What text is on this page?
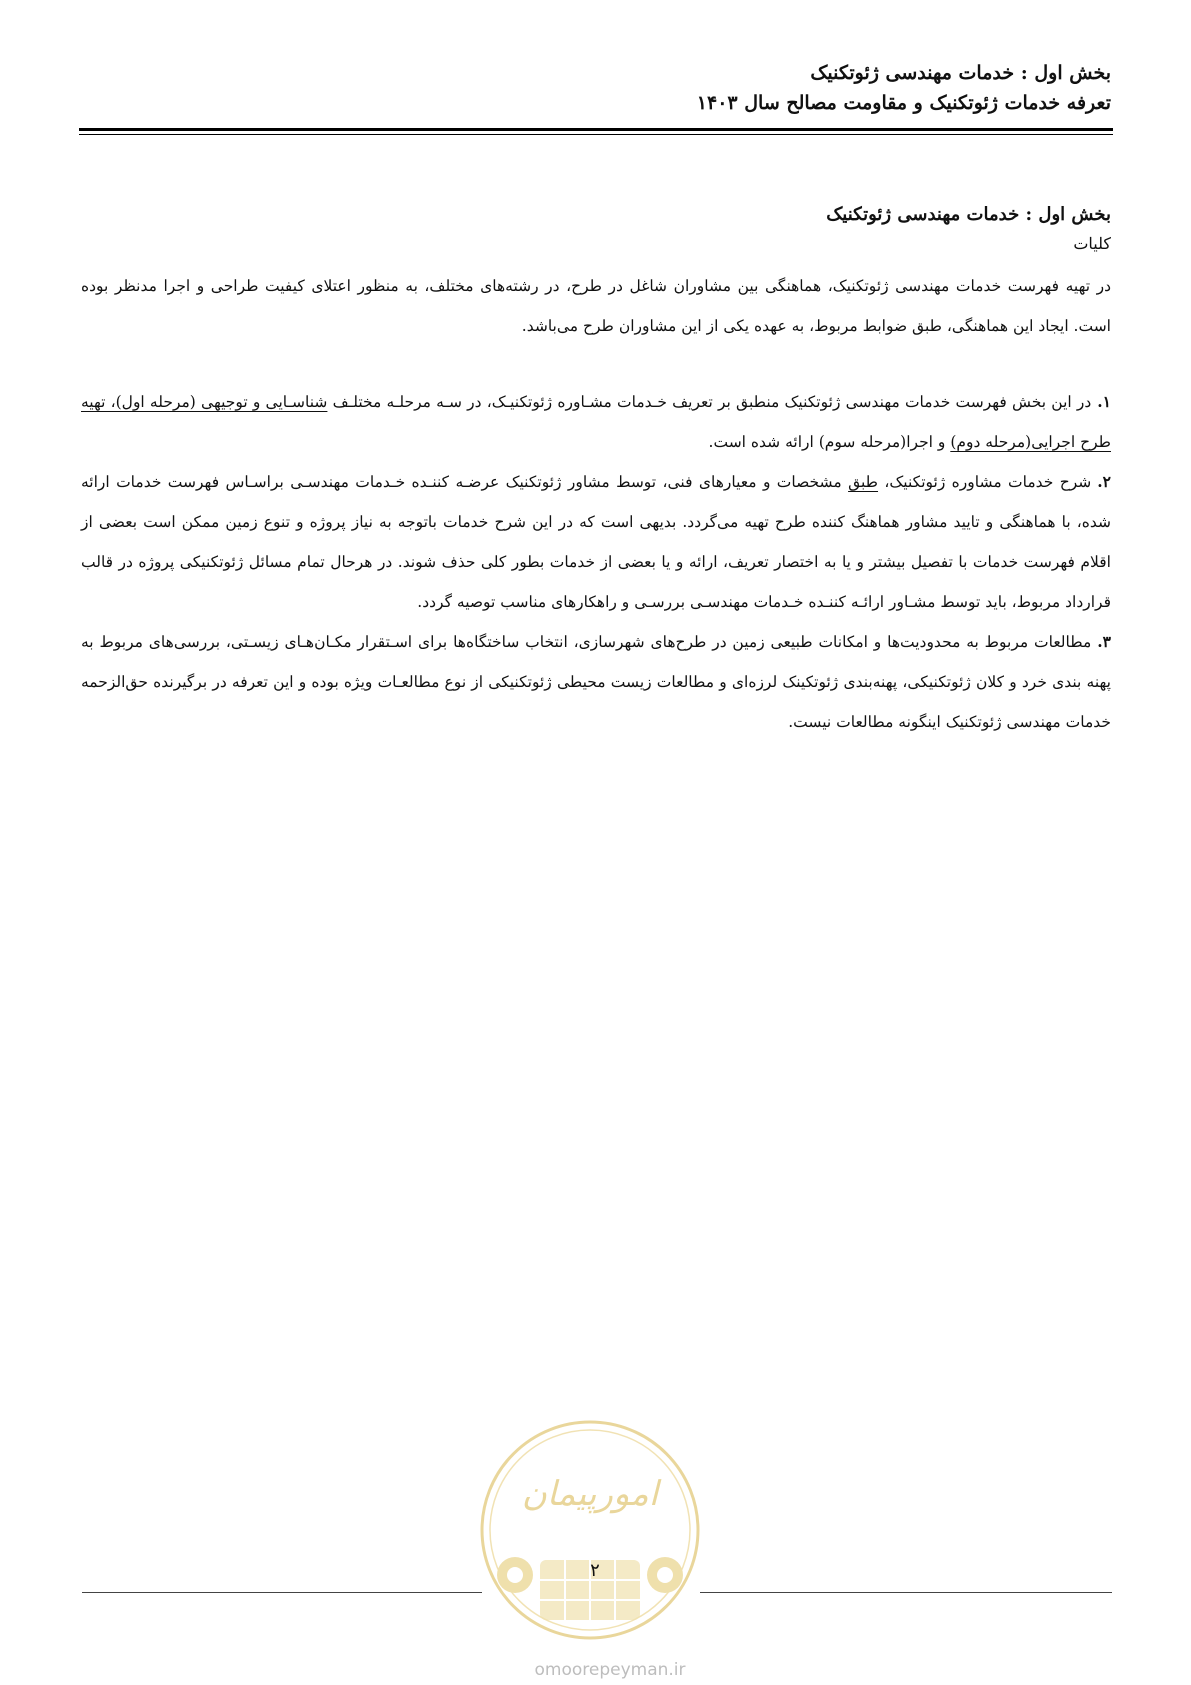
بخش اول : خدمات مهندسی ژئوتکنیک
تعرفه خدمات ژئوتکنیک و مقاومت مصالح سال ۱۴۰۳

بخش اول : خدمات مهندسی ژئوتکنیک

کلیات

در تهیه فهرست خدمات مهندسی ژئوتکنیک، هماهنگی بین مشاوران شاغل در طرح، در رشته‌های مختلف، به منظور اعتلای کیفیت طراحی و اجرا مدنظر بوده است. ایجاد این هماهنگی، طبق ضوابط مربوط، به عهده یکی از این مشاوران طرح می‌باشد.

۱.در این بخش فهرست خدمات مهندسی ژئوتکنیک منطبق بر تعریف خـدمات مشـاوره ژئوتکنیـک، در سـه مرحلـه مختلـف شناسـایی و توجیهی (مرحله اول)، تهیه طرح اجرایی(مرحله دوم) و اجرا(مرحله سوم) ارائه شده است.

۲.شرح خدمات مشاوره ژئوتکنیک، طبق مشخصات و معیارهای فنی، توسط مشاور ژئوتکنیک عرضـه کننـده خـدمات مهندسـی براسـاس فهرست خدمات ارائه شده، با هماهنگی و تایید مشاور هماهنگ کننده طرح تهیه می‌گردد. بدیهی است که در این شرح خدمات باتوجه به نیاز پروژه و تنوع زمین ممکن است بعضی از اقلام فهرست خدمات با تفصیل بیشتر و یا به اختصار تعریف، ارائه و یا بعضی از خدمات بطور کلی حذف شوند. در هرحال تمام مسائل ژئوتکنیکی پروژه در قالب قرارداد مربوط، باید توسط مشـاور ارائـه کننـده خـدمات مهندسـی بررسـی و راهکارهای مناسب توصیه گردد.

۳.مطالعات مربوط به محدودیت‌ها و امکانات طبیعی زمین در طرح‌های شهرسازی، انتخاب ساختگاه‌ها برای اسـتقرار مکـان‌هـای زیسـتی، بررسی‌های مربوط به پهنه بندی خرد و کلان ژئوتکنیکی، پهنه‌بندی ژئوتکینک لرزه‌ای و مطالعات زیست محیطی ژئوتکنیکی از نوع مطالعـات ویژه بوده و این تعرفه در برگیرنده حق‌الزحمه خدمات مهندسی ژئوتکنیک اینگونه مطالعات نیست.

امورپیمان
۲
omoorepeyman.ir
